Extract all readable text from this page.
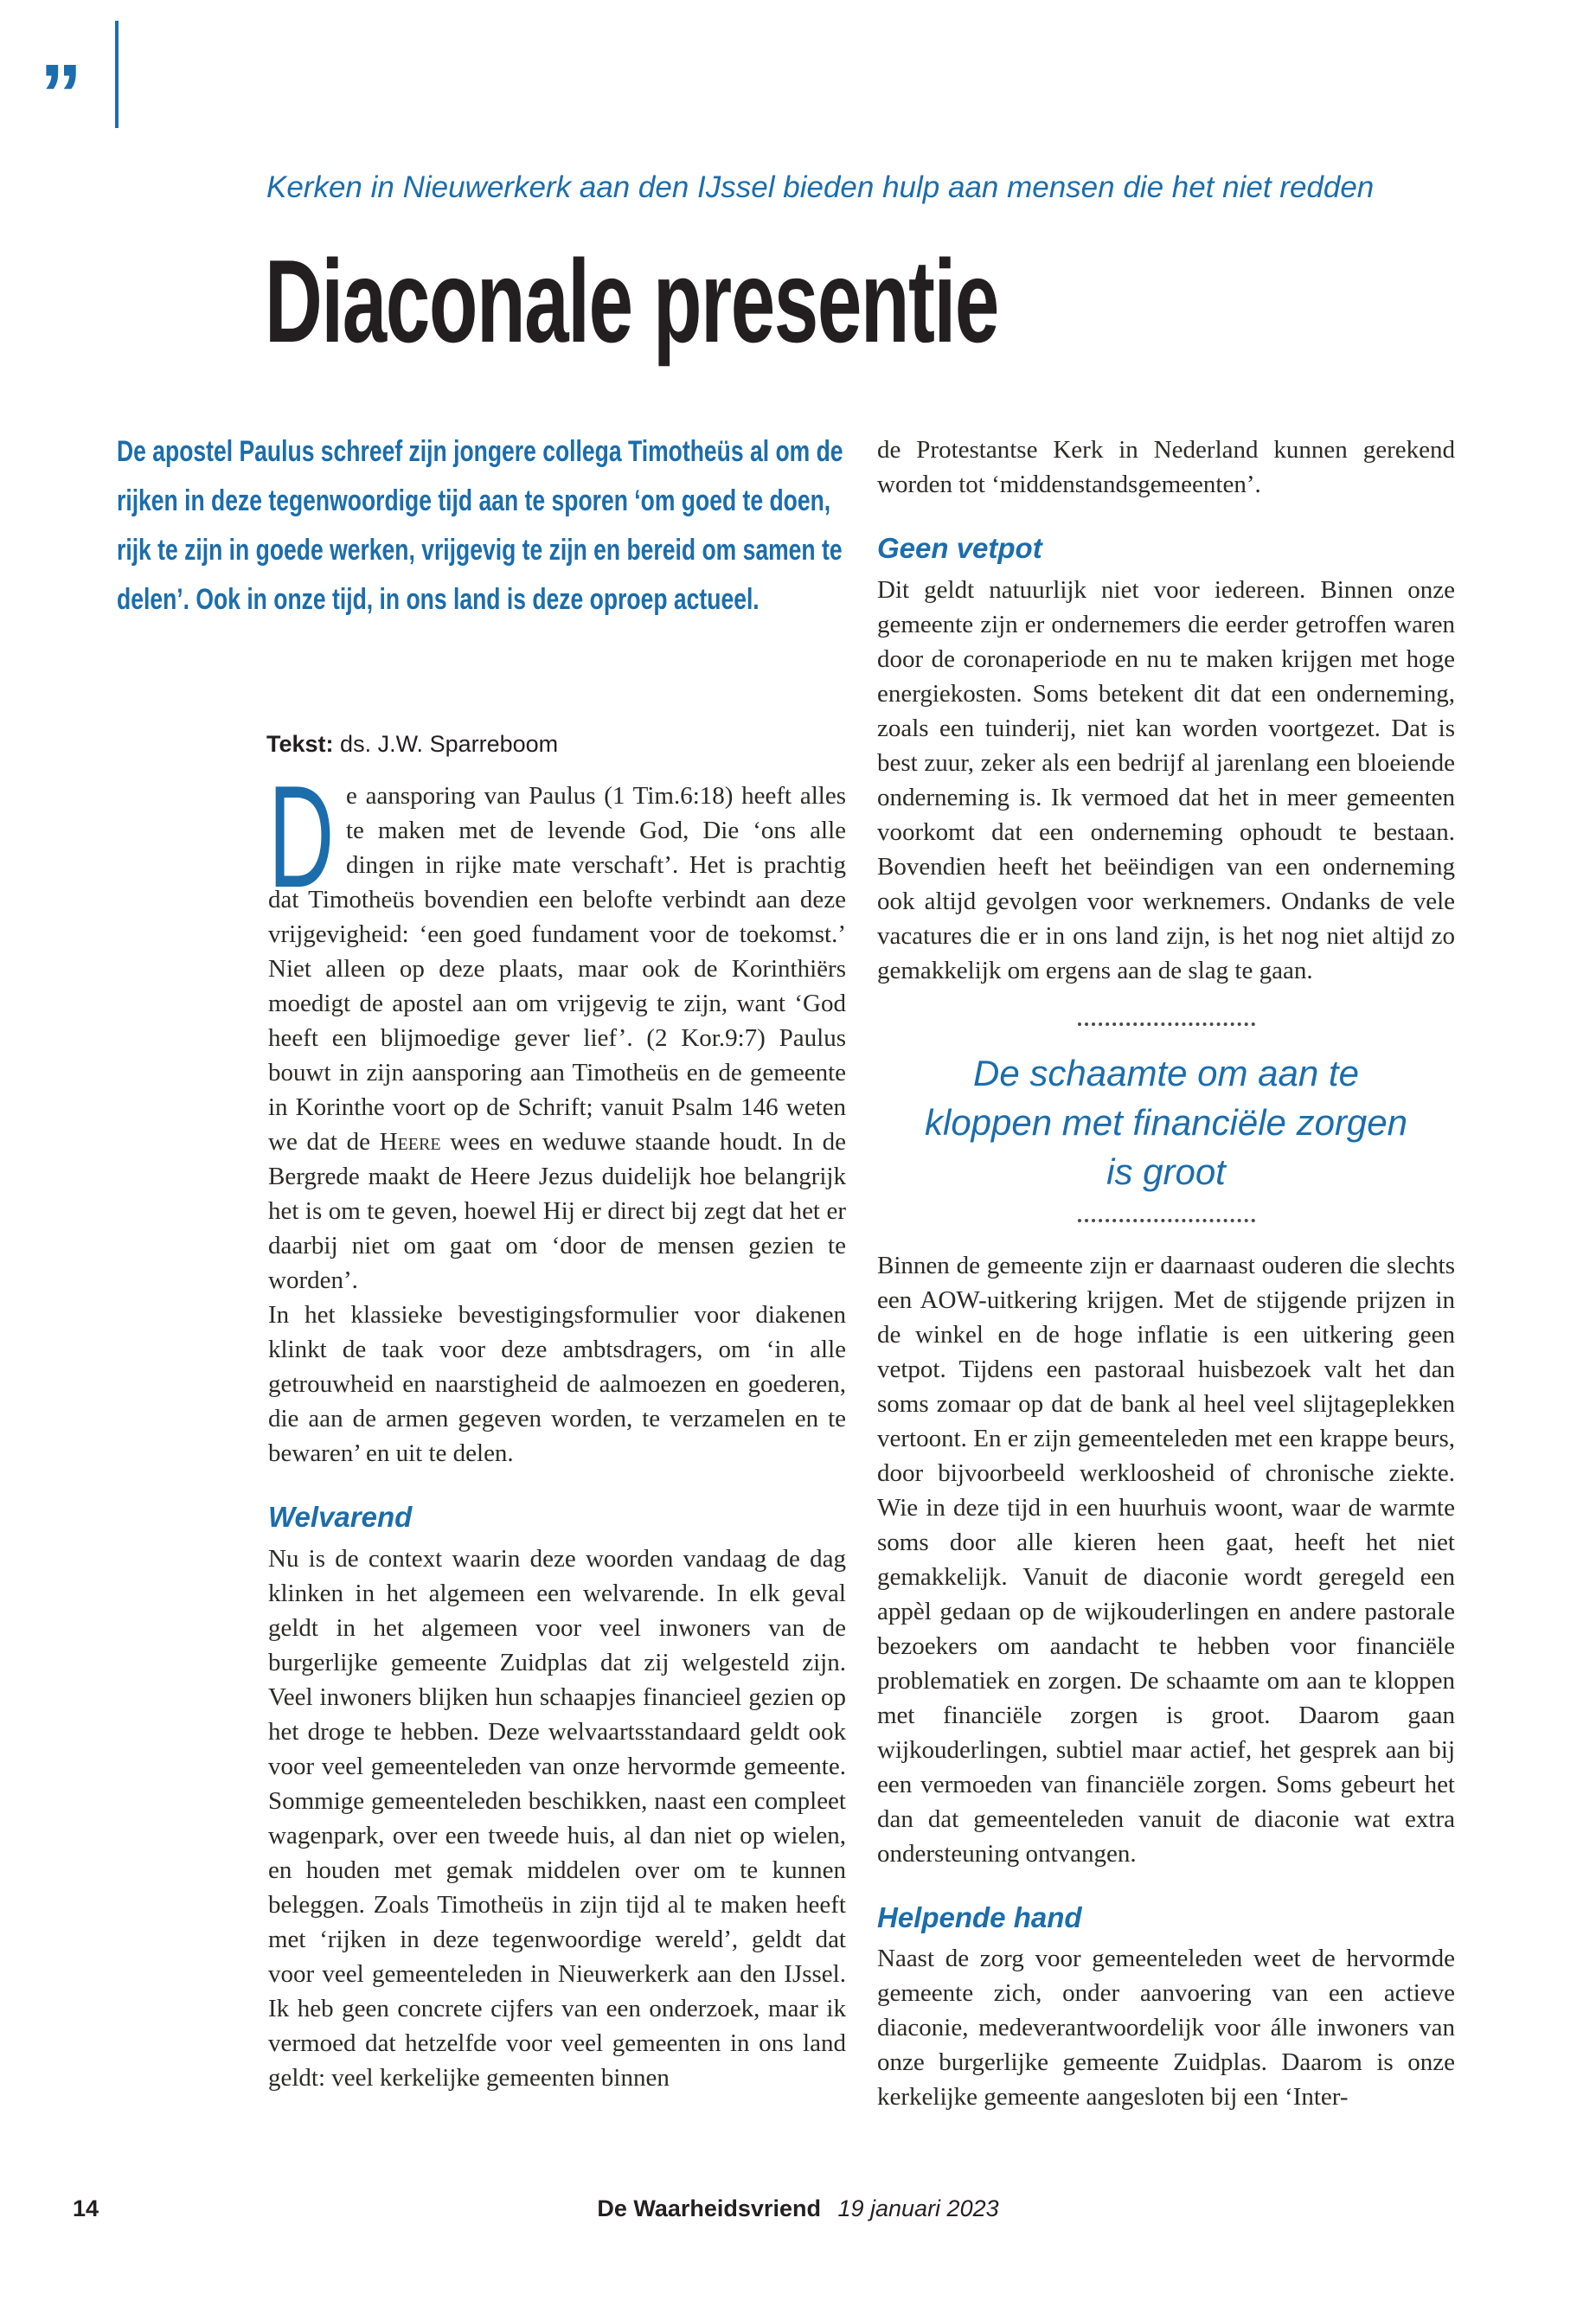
”
Kerken in Nieuwerkerk aan den IJssel bieden hulp aan mensen die het niet redden
Diaconale presentie

De apostel Paulus schreef zijn jongere collega Timotheüs al om de rijken in deze tegenwoordige tijd aan te sporen ‘om goed te doen, rijk te zijn in goede werken, vrijgevig te zijn en bereid om samen te delen’. Ook in onze tijd, in ons land is deze oproep actueel.

Tekst: ds. J.W. Sparreboom

D e aansporing van Paulus (1 Tim.6:18) heeft alles te maken met de levende God, Die ‘ons alle dingen in rijke mate verschaft’. Het is prachtig dat Timotheüs bovendien een belofte verbindt aan deze vrijgevigheid: ‘een goed fundament voor de toekomst.’ Niet alleen op deze plaats, maar ook de Korinthiërs moedigt de apostel aan om vrijgevig te zijn, want ‘God heeft een blijmoedige gever lief’. (2 Kor.9:7) Paulus bouwt in zijn aansporing aan Timotheüs en de gemeente in Korinthe voort op de Schrift; vanuit Psalm 146 weten we dat de Heere wees en weduwe staande houdt. In de Bergrede maakt de Heere Jezus duidelijk hoe belangrijk het is om te geven, hoewel Hij er direct bij zegt dat het er daarbij niet om gaat om ‘door de mensen gezien te worden’.

In het klassieke bevestigingsformulier voor diakenen klinkt de taak voor deze ambtsdragers, om ‘in alle getrouwheid en naarstigheid de aalmoezen en goederen, die aan de armen gegeven worden, te verzamelen en te bewaren’ en uit te delen.

Welvarend

Nu is de context waarin deze woorden vandaag de dag klinken in het algemeen een welvarende. In elk geval geldt in het algemeen voor veel inwoners van de burgerlijke gemeente Zuidplas dat zij welgesteld zijn. Veel inwoners blijken hun schaapjes financieel gezien op het droge te hebben. Deze welvaartsstandaard geldt ook voor veel gemeenteleden van onze hervormde gemeente. Sommige gemeenteleden beschikken, naast een compleet wagenpark, over een tweede huis, al dan niet op wielen, en houden met gemak middelen over om te kunnen beleggen. Zoals Timotheüs in zijn tijd al te maken heeft met ‘rijken in deze tegenwoordige wereld’, geldt dat voor veel gemeenteleden in Nieuwerkerk aan den IJssel. Ik heb geen concrete cijfers van een onderzoek, maar ik vermoed dat hetzelfde voor veel gemeenten in ons land geldt: veel kerkelijke gemeenten binnen

de Protestantse Kerk in Nederland kunnen gerekend worden tot ‘middenstandsgemeenten’.

Geen vetpot

Dit geldt natuurlijk niet voor iedereen. Binnen onze gemeente zijn er ondernemers die eerder getroffen waren door de coronaperiode en nu te maken krijgen met hoge energiekosten. Soms betekent dit dat een onderneming, zoals een tuinderij, niet kan worden voortgezet. Dat is best zuur, zeker als een bedrijf al jarenlang een bloeiende onderneming is. Ik vermoed dat het in meer gemeenten voorkomt dat een onderneming ophoudt te bestaan. Bovendien heeft het beëindigen van een onderneming ook altijd gevolgen voor werknemers. Ondanks de vele vacatures die er in ons land zijn, is het nog niet altijd zo gemakkelijk om ergens aan de slag te gaan.

De schaamte om aan te kloppen met financiële zorgen is groot

Binnen de gemeente zijn er daarnaast ouderen die slechts een AOW-uitkering krijgen. Met de stijgende prijzen in de winkel en de hoge inflatie is een uitkering geen vetpot. Tijdens een pastoraal huisbezoek valt het dan soms zomaar op dat de bank al heel veel slijtageplekken vertoont. En er zijn gemeenteleden met een krappe beurs, door bijvoorbeeld werkloosheid of chronische ziekte. Wie in deze tijd in een huurhuis woont, waar de warmte soms door alle kieren heen gaat, heeft het niet gemakkelijk. Vanuit de diaconie wordt geregeld een appèl gedaan op de wijkouderlingen en andere pastorale bezoekers om aandacht te hebben voor financiële problematiek en zorgen. De schaamte om aan te kloppen met financiële zorgen is groot. Daarom gaan wijkouderlingen, subtiel maar actief, het gesprek aan bij een vermoeden van financiële zorgen. Soms gebeurt het dan dat gemeenteleden vanuit de diaconie wat extra ondersteuning ontvangen.

Helpende hand

Naast de zorg voor gemeenteleden weet de hervormde gemeente zich, onder aanvoering van een actieve diaconie, medeverantwoordelijk voor álle inwoners van onze burgerlijke gemeente Zuidplas. Daarom is onze kerkelijke gemeente aangesloten bij een ‘Inter-

14	De Waarheidsvriend 19 januari 2023
